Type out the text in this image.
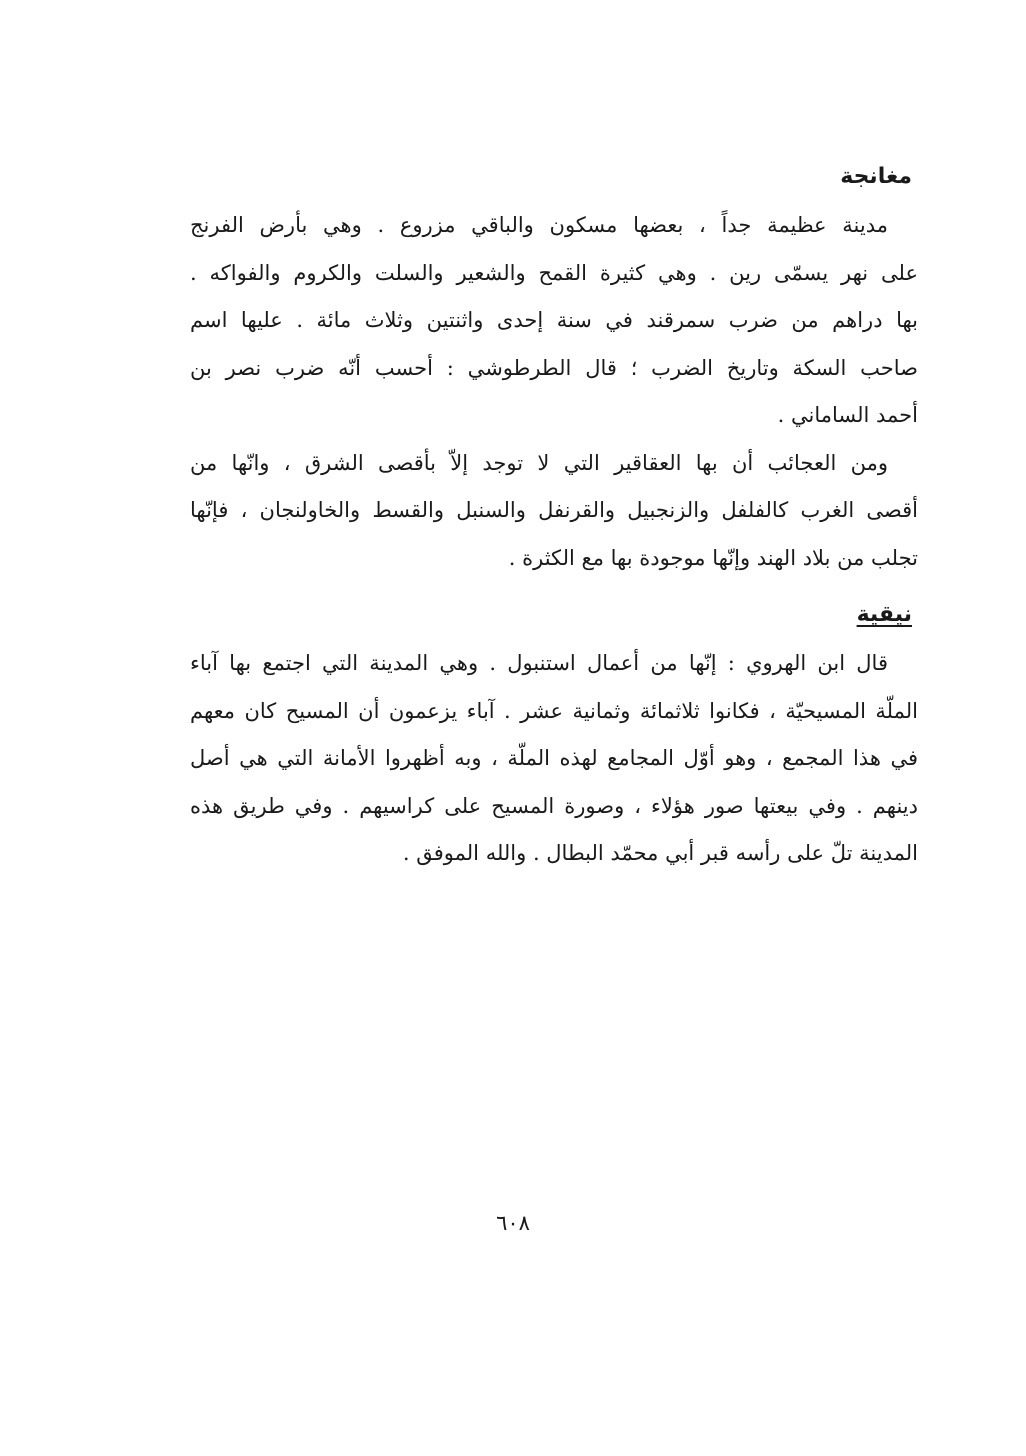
مغانجة

مدينة عظيمة جداً ، بعضها مسكون والباقي مزروع . وهي بأرض الفرنج
على نهر يسمّى رين . وهي كثيرة القمح والشعير والسلت والكروم والفواكه .
بها دراهم من ضرب سمرقند في سنة إحدى واثنتين وثلاث مائة . عليها اسم
صاحب السكة وتاريخ الضرب ؛ قال الطرطوشي : أحسب أنّه ضرب نصر بن
أحمد الساماني .

ومن العجائب أن بها العقاقير التي لا توجد إلاّ بأقصى الشرق ، وانّها من
أقصى الغرب كالفلفل والزنجبيل والقرنفل والسنبل والقسط والخاولنجان ، فإنّها
تجلب من بلاد الهند وإنّها موجودة بها مع الكثرة .

نيقية

قال ابن الهروي : إنّها من أعمال استنبول . وهي المدينة التي اجتمع بها آباء
الملّة المسيحيّة ، فكانوا ثلاثمائة وثمانية عشر . آباء يزعمون أن المسيح كان معهم
في هذا المجمع ، وهو أوّل المجامع لهذه الملّة ، وبه أظهروا الأمانة التي هي أصل
دينهم . وفي بيعتها صور هؤلاء ، وصورة المسيح على كراسيهم . وفي طريق هذه
المدينة تلّ على رأسه قبر أبي محمّد البطال . والله الموفق .

٦٠٨
